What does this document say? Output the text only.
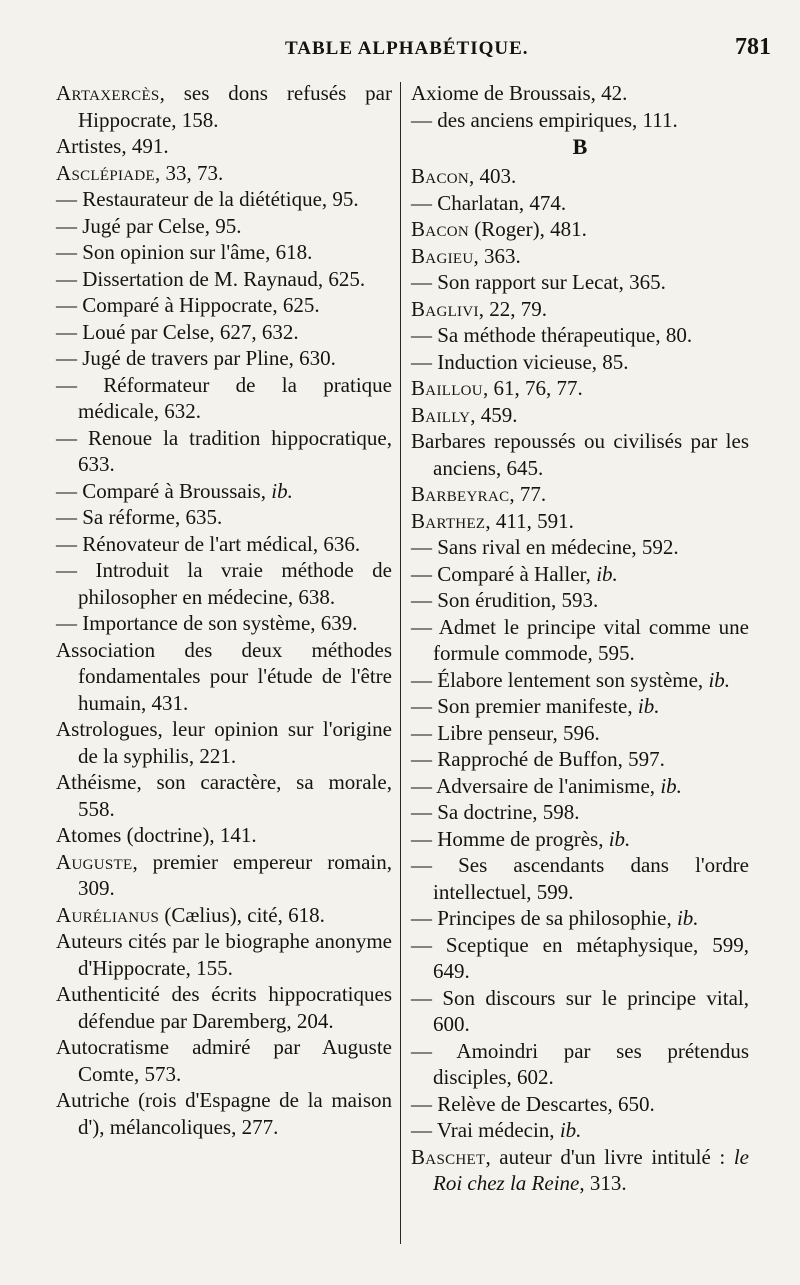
TABLE ALPHABÉTIQUE.	781

Artaxercès, ses dons refusés par Hippocrate, 158.

Artistes, 491.

Asclépiade, 33, 73.

— Restaurateur de la diététique, 95.

— Jugé par Celse, 95.

— Son opinion sur l'âme, 618.

— Dissertation de M. Raynaud, 625.

— Comparé à Hippocrate, 625.

— Loué par Celse, 627, 632.

— Jugé de travers par Pline, 630.

— Réformateur de la pratique médicale, 632.

— Renoue la tradition hippocratique, 633.

— Comparé à Broussais, ib.

— Sa réforme, 635.

— Rénovateur de l'art médical, 636.

— Introduit la vraie méthode de philosopher en médecine, 638.

— Importance de son système, 639.

Association des deux méthodes fondamentales pour l'étude de l'être humain, 431.

Astrologues, leur opinion sur l'origine de la syphilis, 221.

Athéisme, son caractère, sa morale, 558.

Atomes (doctrine), 141.

Auguste, premier empereur romain, 309.

Aurélianus (Cælius), cité, 618.

Auteurs cités par le biographe anonyme d'Hippocrate, 155.

Authenticité des écrits hippocratiques défendue par Daremberg, 204.

Autocratisme admiré par Auguste Comte, 573.

Autriche (rois d'Espagne de la maison d'), mélancoliques, 277.

Axiome de Broussais, 42.

— des anciens empiriques, 111.

B

Bacon, 403.

— Charlatan, 474.

Bacon (Roger), 481.

Bagieu, 363.

— Son rapport sur Lecat, 365.

Baglivi, 22, 79.

— Sa méthode thérapeutique, 80.

— Induction vicieuse, 85.

Baillou, 61, 76, 77.

Bailly, 459.

Barbares repoussés ou civilisés par les anciens, 645.

Barbeyrac, 77.

Barthez, 411, 591.

— Sans rival en médecine, 592.

— Comparé à Haller, ib.

— Son érudition, 593.

— Admet le principe vital comme une formule commode, 595.

— Élabore lentement son système, ib.

— Son premier manifeste, ib.

— Libre penseur, 596.

— Rapproché de Buffon, 597.

— Adversaire de l'animisme, ib.

— Sa doctrine, 598.

— Homme de progrès, ib.

— Ses ascendants dans l'ordre intellectuel, 599.

— Principes de sa philosophie, ib.

— Sceptique en métaphysique, 599, 649.

— Son discours sur le principe vital, 600.

— Amoindri par ses prétendus disciples, 602.

— Relève de Descartes, 650.

— Vrai médecin, ib.

Baschet, auteur d'un livre intitulé : le Roi chez la Reine, 313.
